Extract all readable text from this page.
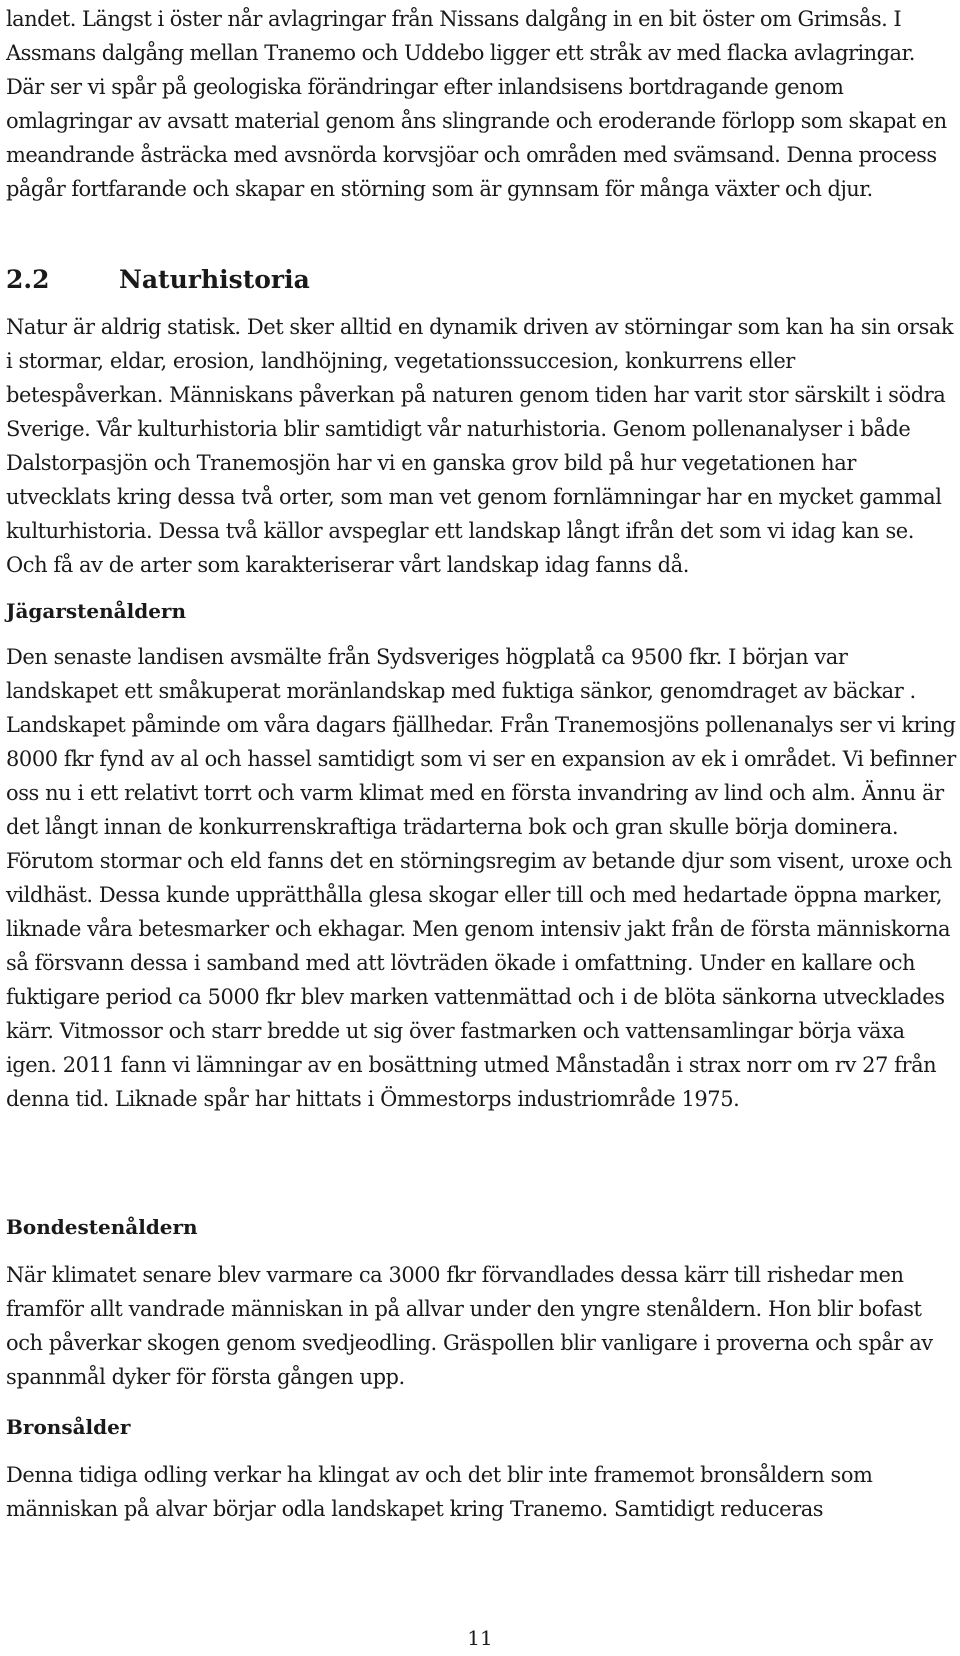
landet. Längst i öster når avlagringar från Nissans dalgång in en bit öster om Grimsås. I Assmans dalgång mellan Tranemo och Uddebo ligger ett stråk av med flacka avlagringar. Där ser vi spår på geologiska förändringar efter inlandsisens bortdragande genom omlagringar av avsatt material genom åns slingrande och eroderande förlopp som skapat en meandrande åsträcka med avsnörda korvsjöar och områden med svämsand. Denna process pågår fortfarande och skapar en störning som är gynnsam för många växter och djur.

2.2	Naturhistoria

Natur är aldrig statisk. Det sker alltid en dynamik driven av störningar som kan ha sin orsak i stormar, eldar, erosion, landhöjning, vegetationssuccesion, konkurrens eller betespåverkan. Människans påverkan på naturen genom tiden har varit stor särskilt i södra Sverige. Vår kulturhistoria blir samtidigt vår naturhistoria. Genom pollenanalyser i både Dalstorpasjön och Tranemosjön har vi en ganska grov bild på hur vegetationen har utvecklats kring dessa två orter, som man vet genom fornlämningar har en mycket gammal kulturhistoria. Dessa två källor avspeglar ett landskap långt ifrån det som vi idag kan se. Och få av de arter som karakteriserar vårt landskap idag fanns då.

Jägarstenåldern

Den senaste landisen avsmälte från Sydsveriges högplatå ca 9500 fkr. I början var landskapet ett småkuperat moränlandskap med fuktiga sänkor, genomdraget av bäckar . Landskapet påminde om våra dagars fjällhedar. Från Tranemosjöns pollenanalys ser vi kring 8000 fkr fynd av al och hassel samtidigt som vi ser en expansion av ek i området. Vi befinner oss nu i ett relativt torrt och varm klimat med en första invandring av lind och alm. Ännu är det långt innan de konkurrenskraftiga trädarterna bok och gran skulle börja dominera. Förutom stormar och eld fanns det en störningsregim av betande djur som visent, uroxe och vildhäst. Dessa kunde upprätthålla glesa skogar eller till och med hedartade öppna marker, liknade våra betesmarker och ekhagar. Men genom intensiv jakt från de första människorna så försvann dessa i samband med att lövträden ökade i omfattning. Under en kallare och fuktigare period ca 5000 fkr blev marken vattenmättad och i de blöta sänkorna utvecklades kärr. Vitmossor och starr bredde ut sig över fastmarken och vattensamlingar börja växa igen. 2011 fann vi lämningar av en bosättning utmed Månstadån i strax norr om rv 27 från denna tid. Liknade spår har hittats i Ömmestorps industriområde 1975.

Bondestenåldern

När klimatet senare blev varmare ca 3000 fkr förvandlades dessa kärr till rishedar men framför allt vandrade människan in på allvar under den yngre stenåldern. Hon blir bofast och påverkar skogen genom svedjeodling. Gräspollen blir vanligare i proverna och spår av spannmål dyker för första gången upp.

Bronsålder

Denna tidiga odling verkar ha klingat av och det blir inte framemot bronsåldern som människan på alvar börjar odla landskapet kring Tranemo. Samtidigt reduceras

11
